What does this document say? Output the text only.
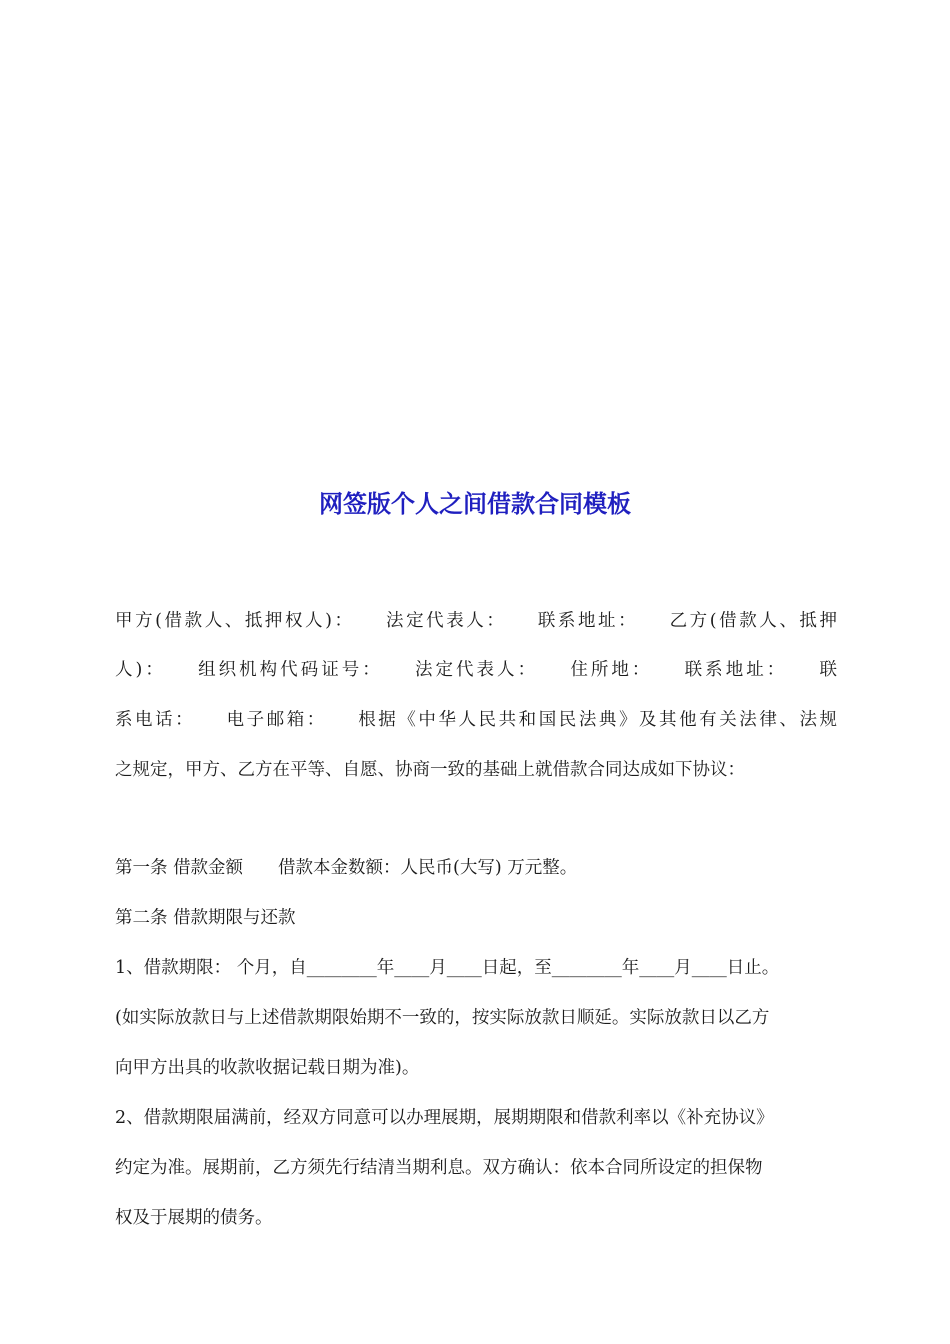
网签版个人之间借款合同模板
甲方(借款人、抵押权人)：　　法定代表人：　　联系地址：　　乙方(借款人、抵押
人)：　　组织机构代码证号：　　法定代表人：　　住所地：　　联系地址：　　联
系电话：　　电子邮箱：　　根据《中华人民共和国民法典》及其他有关法律、法规
之规定，甲方、乙方在平等、自愿、协商一致的基础上就借款合同达成如下协议：
第一条 借款金额　　借款本金数额：人民币(大写) 万元整。
第二条 借款期限与还款
1、借款期限： 个月，自________年____月____日起，至________年____月____日止。
(如实际放款日与上述借款期限始期不一致的，按实际放款日顺延。实际放款日以乙方
向甲方出具的收款收据记载日期为准)。
2、借款期限届满前，经双方同意可以办理展期，展期期限和借款利率以《补充协议》
约定为准。展期前，乙方须先行结清当期利息。双方确认：依本合同所设定的担保物
权及于展期的债务。
